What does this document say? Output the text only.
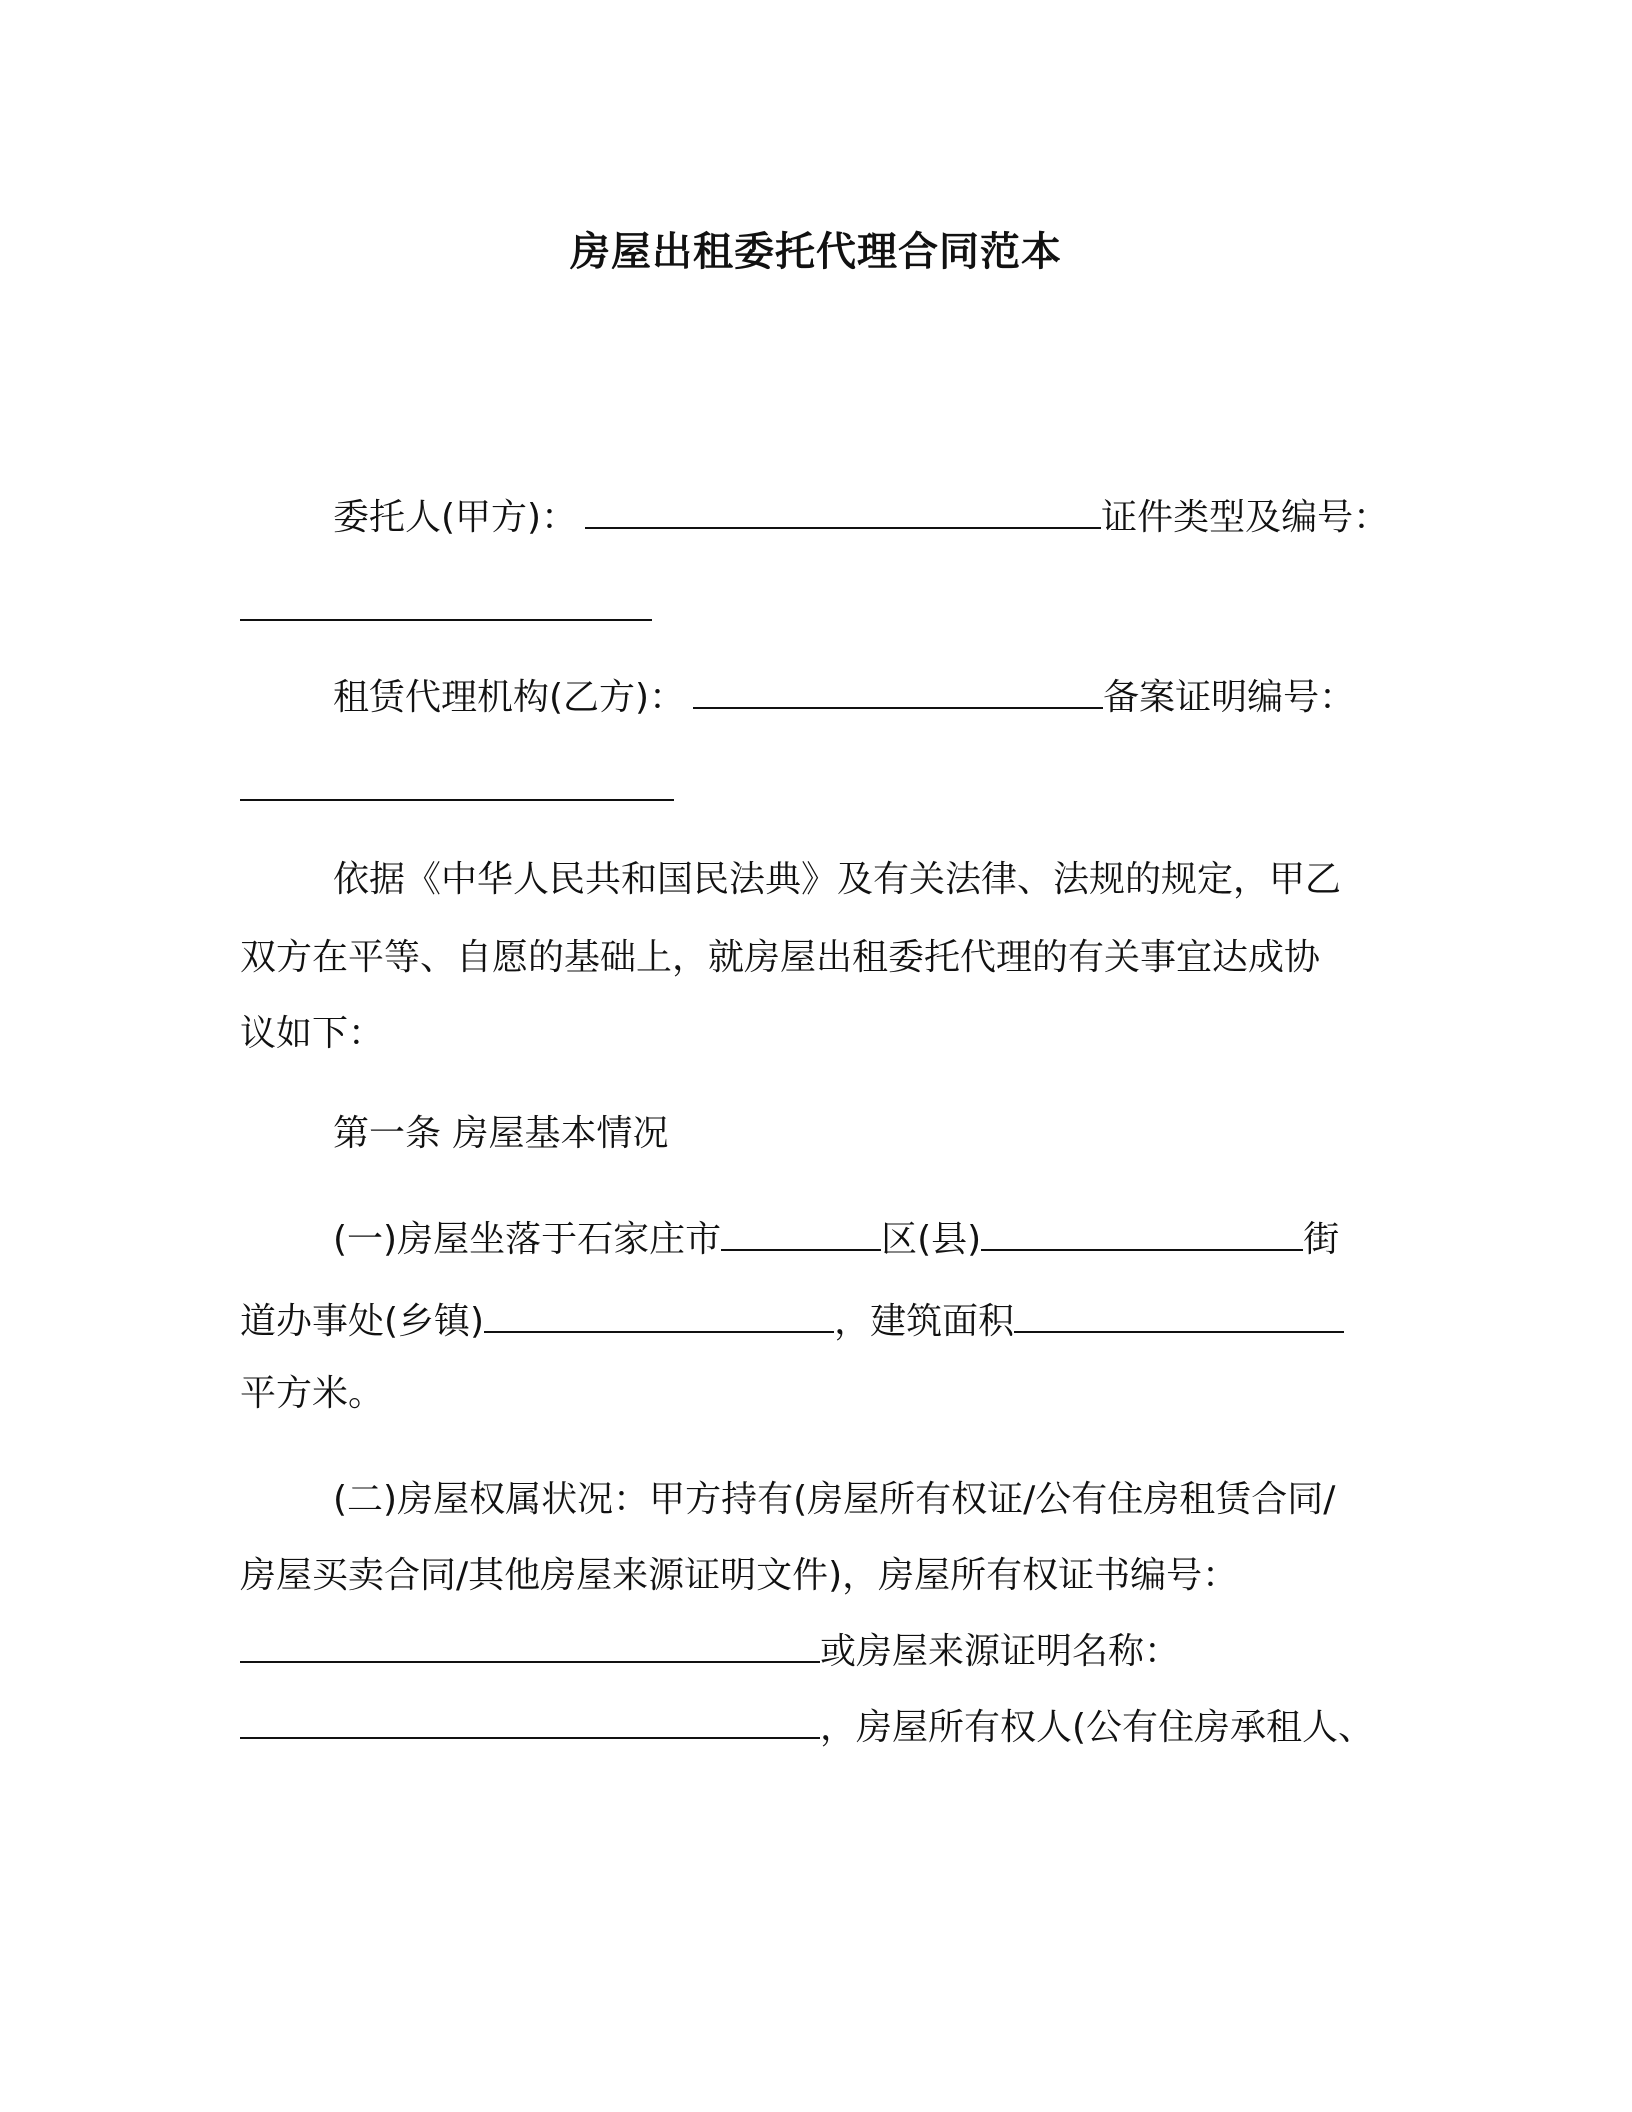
房屋出租委托代理合同范本
委托人(甲方)：	证件类型及编号：
租赁代理机构(乙方)：	备案证明编号：
依据《中华人民共和国民法典》及有关法律、法规的规定，甲乙
双方在平等、自愿的基础上，就房屋出租委托代理的有关事宜达成协
议如下：
第一条 房屋基本情况
(一)房屋坐落于石家庄市	区(县)	街
道办事处(乡镇)	，建筑面积
平方米。
(二)房屋权属状况：甲方持有(房屋所有权证/公有住房租赁合同/
房屋买卖合同/其他房屋来源证明文件)，房屋所有权证书编号：
或房屋来源证明名称：
，房屋所有权人(公有住房承租人、
